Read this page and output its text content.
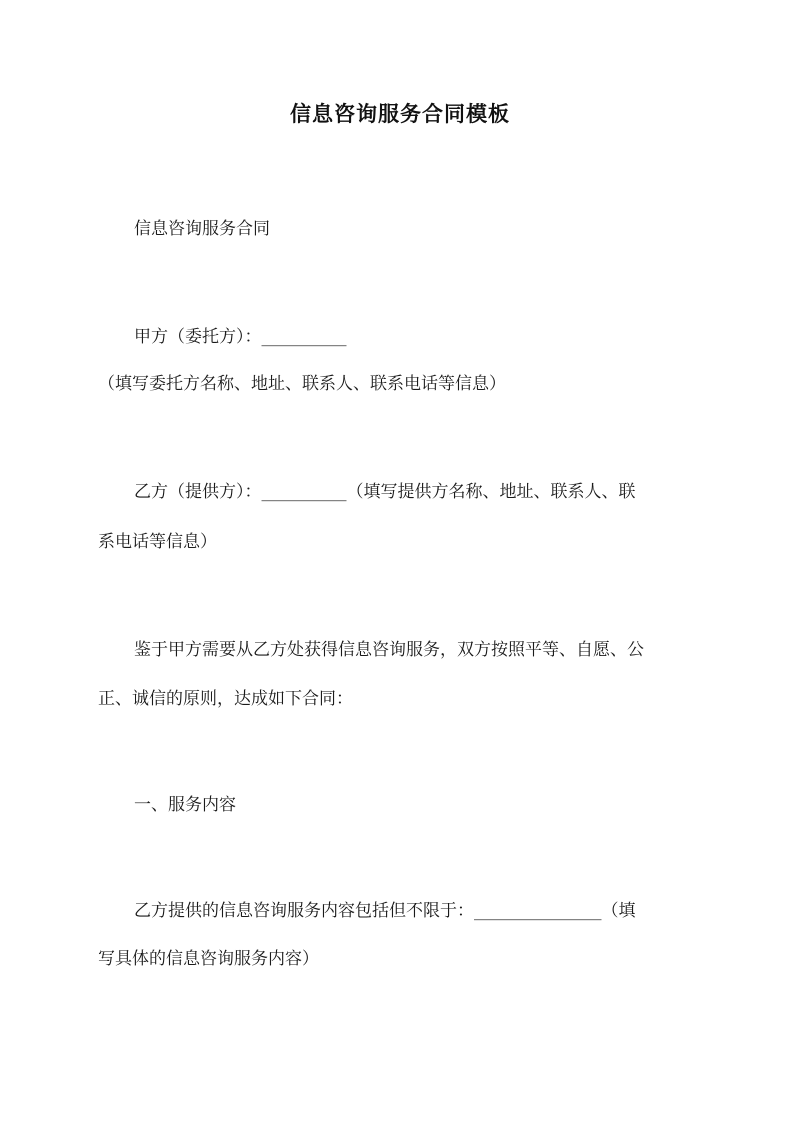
信息咨询服务合同模板
信息咨询服务合同
甲方（委托方）：__________
（填写委托方名称、地址、联系人、联系电话等信息）
乙方（提供方）：__________（填写提供方名称、地址、联系人、联
系电话等信息）
鉴于甲方需要从乙方处获得信息咨询服务，双方按照平等、自愿、公
正、诚信的原则，达成如下合同：
一、服务内容
乙方提供的信息咨询服务内容包括但不限于：_______________（填
写具体的信息咨询服务内容）
